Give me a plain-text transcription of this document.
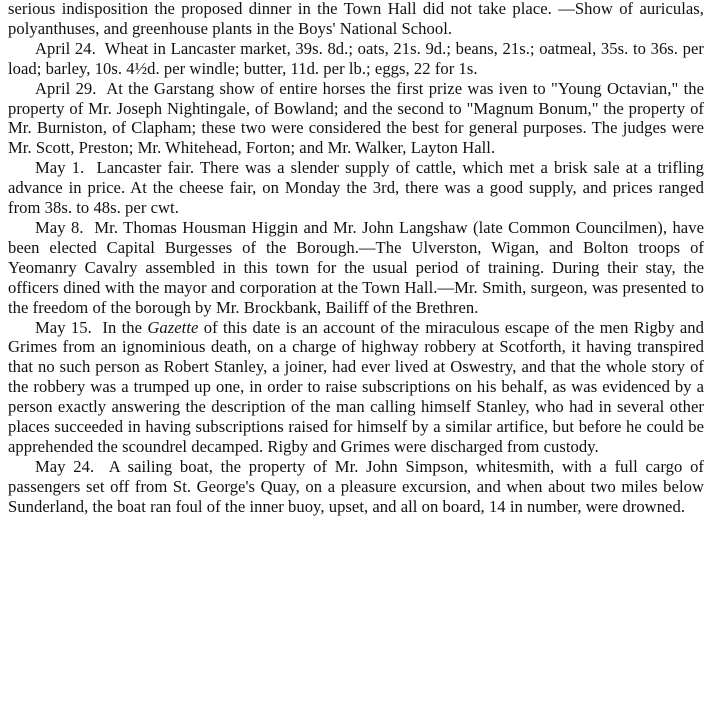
serious indisposition the proposed dinner in the Town Hall did not take place. —Show of auriculas, polyanthuses, and greenhouse plants in the Boys' National School.

April 24. Wheat in Lancaster market, 39s. 8d.; oats, 21s. 9d.; beans, 21s.; oatmeal, 35s. to 36s. per load; barley, 10s. 4½d. per windle; butter, 11d. per lb.; eggs, 22 for 1s.

April 29. At the Garstang show of entire horses the first prize was iven to "Young Octavian," the property of Mr. Joseph Nightingale, of Bowland; and the second to "Magnum Bonum," the property of Mr. Burniston, of Clapham; these two were considered the best for general purposes. The judges were Mr. Scott, Preston; Mr. Whitehead, Forton; and Mr. Walker, Layton Hall.

May 1. Lancaster fair. There was a slender supply of cattle, which met a brisk sale at a trifling advance in price. At the cheese fair, on Monday the 3rd, there was a good supply, and prices ranged from 38s. to 48s. per cwt.

May 8. Mr. Thomas Housman Higgin and Mr. John Langshaw (late Common Councilmen), have been elected Capital Burgesses of the Borough.—The Ulverston, Wigan, and Bolton troops of Yeomanry Cavalry assembled in this town for the usual period of training. During their stay, the officers dined with the mayor and corporation at the Town Hall.—Mr. Smith, surgeon, was presented to the freedom of the borough by Mr. Brockbank, Bailiff of the Brethren.

May 15. In the Gazette of this date is an account of the miraculous escape of the men Rigby and Grimes from an ignominious death, on a charge of highway robbery at Scotforth, it having transpired that no such person as Robert Stanley, a joiner, had ever lived at Oswestry, and that the whole story of the robbery was a trumped up one, in order to raise subscriptions on his behalf, as was evidenced by a person exactly answering the description of the man calling himself Stanley, who had in several other places succeeded in having subscriptions raised for himself by a similar artifice, but before he could be apprehended the scoundrel decamped. Rigby and Grimes were discharged from custody.

May 24. A sailing boat, the property of Mr. John Simpson, whitesmith, with a full cargo of passengers set off from St. George's Quay, on a pleasure excursion, and when about two miles below Sunderland, the boat ran foul of the inner buoy, upset, and all on board, 14 in number, were drowned.
